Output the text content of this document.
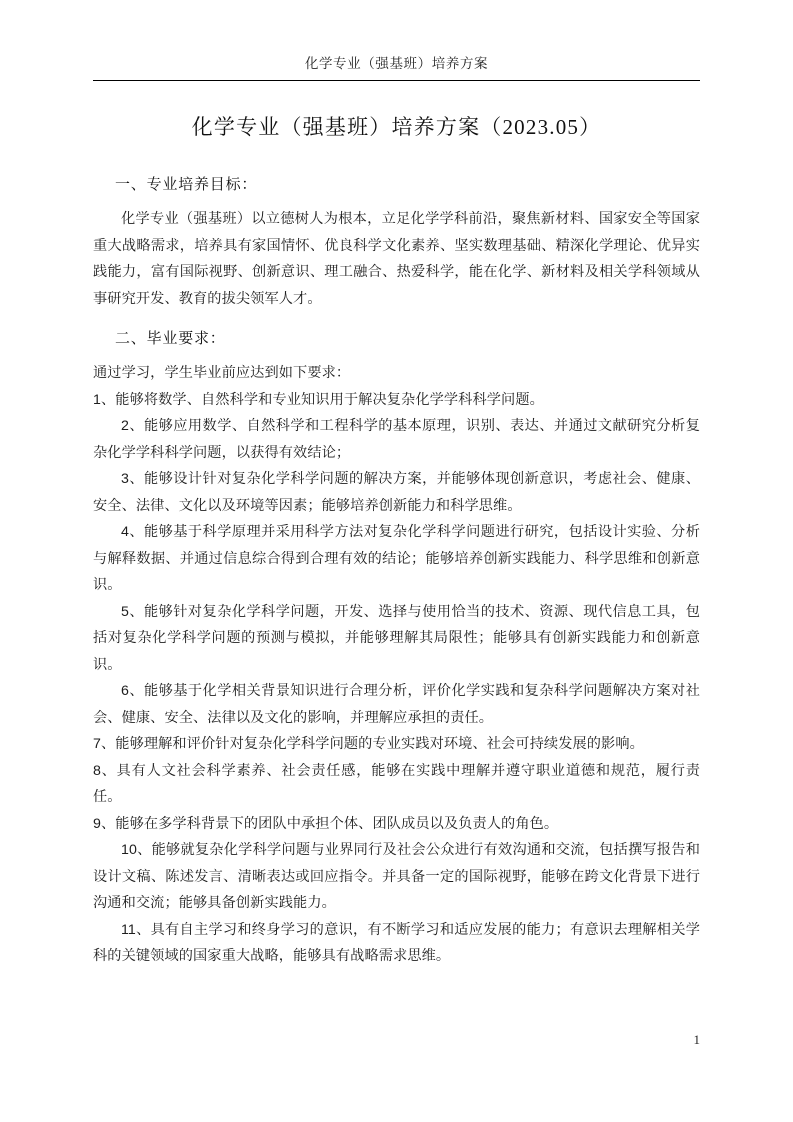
化学专业（强基班）培养方案
化学专业（强基班）培养方案（2023.05）
一、专业培养目标：

化学专业（强基班）以立德树人为根本，立足化学学科前沿，聚焦新材料、国家安全等国家重大战略需求，培养具有家国情怀、优良科学文化素养、坚实数理基础、精深化学理论、优异实践能力，富有国际视野、创新意识、理工融合、热爱科学，能在化学、新材料及相关学科领域从事研究开发、教育的拔尖领军人才。

二、毕业要求：

通过学习，学生毕业前应达到如下要求：

1、能够将数学、自然科学和专业知识用于解决复杂化学学科科学问题。
2、能够应用数学、自然科学和工程科学的基本原理，识别、表达、并通过文献研究分析复杂化学学科科学问题，以获得有效结论；
3、能够设计针对复杂化学科学问题的解决方案，并能够体现创新意识，考虑社会、健康、安全、法律、文化以及环境等因素；能够培养创新能力和科学思维。
4、能够基于科学原理并采用科学方法对复杂化学科学问题进行研究，包括设计实验、分析与解释数据、并通过信息综合得到合理有效的结论；能够培养创新实践能力、科学思维和创新意识。
5、能够针对复杂化学科学问题，开发、选择与使用恰当的技术、资源、现代信息工具，包括对复杂化学科学问题的预测与模拟，并能够理解其局限性；能够具有创新实践能力和创新意识。
6、能够基于化学相关背景知识进行合理分析，评价化学实践和复杂科学问题解决方案对社会、健康、安全、法律以及文化的影响，并理解应承担的责任。
7、能够理解和评价针对复杂化学科学问题的专业实践对环境、社会可持续发展的影响。
8、具有人文社会科学素养、社会责任感，能够在实践中理解并遵守职业道德和规范，履行责任。
9、能够在多学科背景下的团队中承担个体、团队成员以及负责人的角色。
10、能够就复杂化学科学问题与业界同行及社会公众进行有效沟通和交流，包括撰写报告和设计文稿、陈述发言、清晰表达或回应指令。并具备一定的国际视野，能够在跨文化背景下进行沟通和交流；能够具备创新实践能力。
11、具有自主学习和终身学习的意识，有不断学习和适应发展的能力；有意识去理解相关学科的关键领域的国家重大战略，能够具有战略需求思维。
1
